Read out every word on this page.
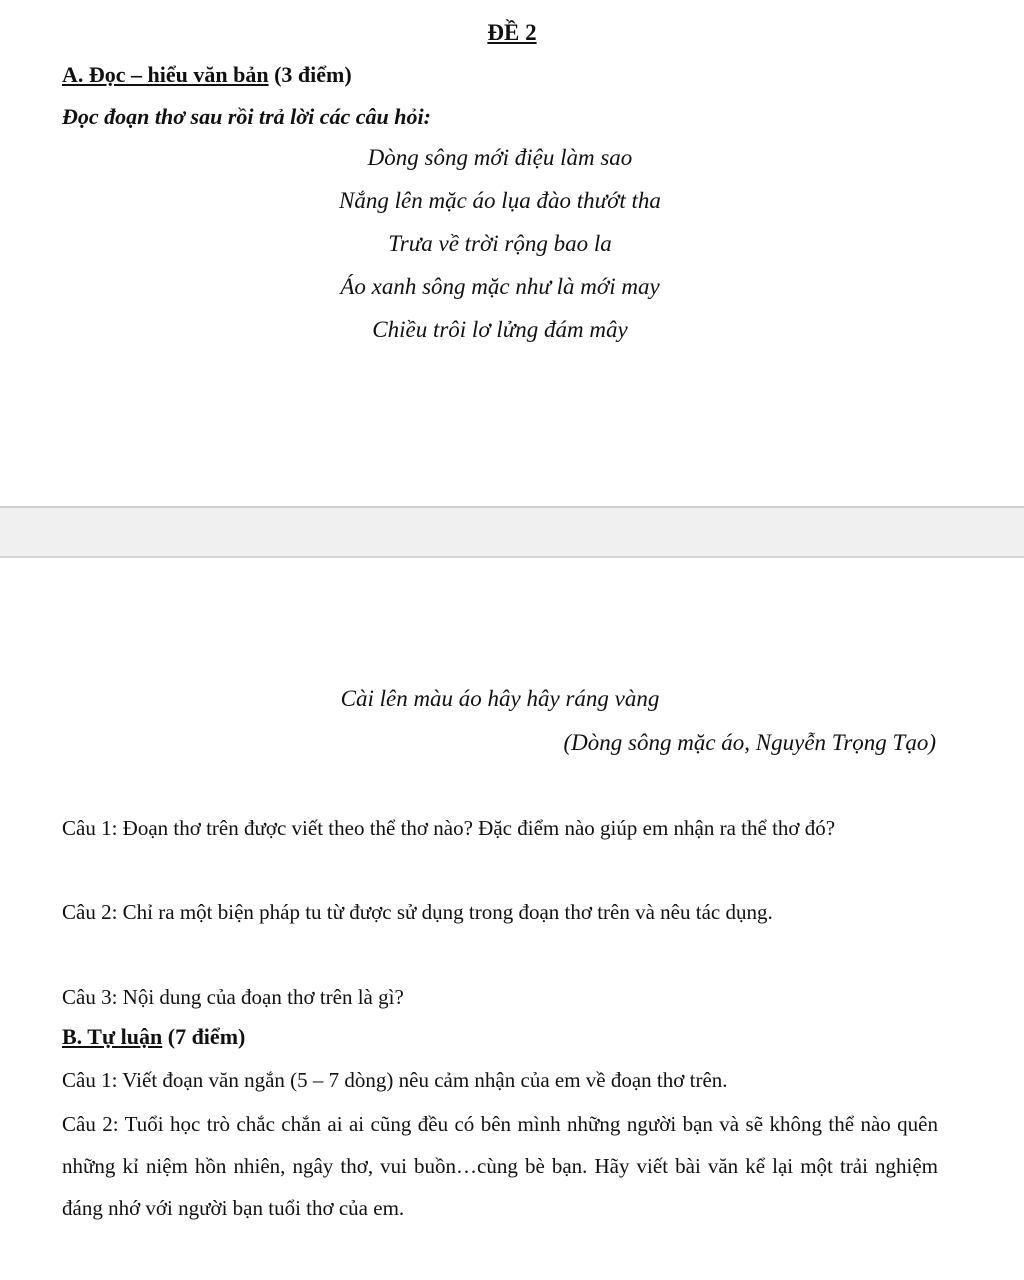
ĐỀ 2
A. Đọc – hiểu văn bản (3 điểm)
Đọc đoạn thơ sau rồi trả lời các câu hỏi:
Dòng sông mới điệu làm sao
Nắng lên mặc áo lụa đào thướt tha
Trưa về trời rộng bao la
Áo xanh sông mặc như là mới may
Chiều trôi lơ lửng đám mây
Cài lên màu áo hây hây ráng vàng
(Dòng sông mặc áo, Nguyễn Trọng Tạo)
Câu 1: Đoạn thơ trên được viết theo thể thơ nào? Đặc điểm nào giúp em nhận ra thể thơ đó?
Câu 2: Chỉ ra một biện pháp tu từ được sử dụng trong đoạn thơ trên và nêu tác dụng.
Câu 3: Nội dung của đoạn thơ trên là gì?
B. Tự luận (7 điểm)
Câu 1: Viết đoạn văn ngắn (5 – 7 dòng) nêu cảm nhận của em về đoạn thơ trên.
Câu 2: Tuổi học trò chắc chắn ai ai cũng đều có bên mình những người bạn và sẽ không thể nào quên những kỉ niệm hồn nhiên, ngây thơ, vui buồn…cùng bè bạn. Hãy viết bài văn kể lại một trải nghiệm đáng nhớ với người bạn tuổi thơ của em.
